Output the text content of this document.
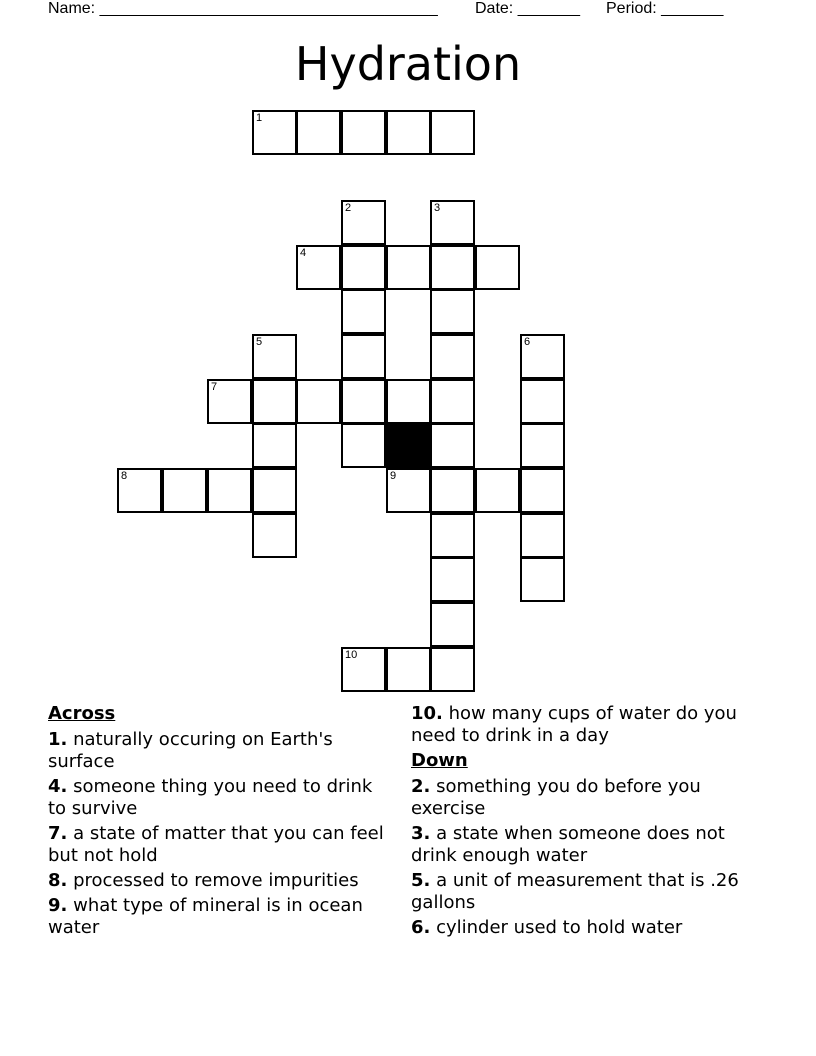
Name: ______________________________________ Date: _______ Period: _______
Hydration
1
2	3
4
5	6
7
8	9
10
Across
1. naturally occuring on Earth's surface
4. someone thing you need to drink to survive
7. a state of matter that you can feel but not hold
8. processed to remove impurities
9. what type of mineral is in ocean water
10. how many cups of water do you need to drink in a day
Down
2. something you do before you exercise
3. a state when someone does not drink enough water
5. a unit of measurement that is .26 gallons
6. cylinder used to hold water
